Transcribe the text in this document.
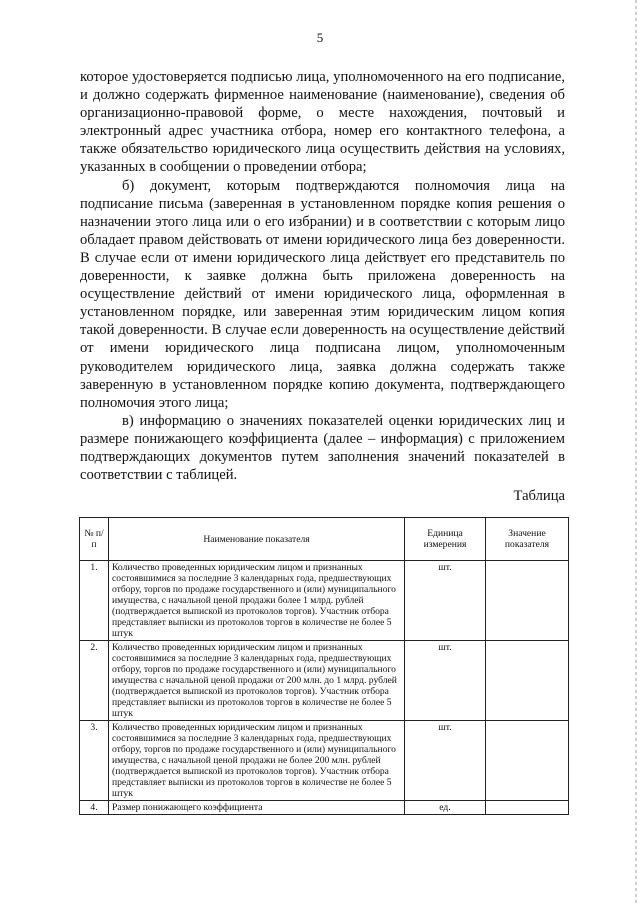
5

которое удостоверяется подписью лица, уполномоченного на его подписание, и должно содержать фирменное наименование (наименование), сведения об организационно-правовой форме, о месте нахождения, почтовый и электронный адрес участника отбора, номер его контактного телефона, а также обязательство юридического лица осуществить действия на условиях, указанных в сообщении о проведении отбора;

б) документ, которым подтверждаются полномочия лица на подписание письма (заверенная в установленном порядке копия решения о назначении этого лица или о его избрании) и в соответствии с которым лицо обладает правом действовать от имени юридического лица без доверенности. В случае если от имени юридического лица действует его представитель по доверенности, к заявке должна быть приложена доверенность на осуществление действий от имени юридического лица, оформленная в установленном порядке, или заверенная этим юридическим лицом копия такой доверенности. В случае если доверенность на осуществление действий от имени юридического лица подписана лицом, уполномоченным руководителем юридического лица, заявка должна содержать также заверенную в установленном порядке копию документа, подтверждающего полномочия этого лица;

в) информацию о значениях показателей оценки юридических лиц и размере понижающего коэффициента (далее – информация) с приложением подтверждающих документов путем заполнения значений показателей в соответствии с таблицей.

Таблица
№ п/п	Наименование показателя	Единица измерения	Значение показателя
1.	Количество проведенных юридическим лицом и признанных состоявшимися за последние 3 календарных года, предшествующих отбору, торгов по продаже государственного и (или) муниципального имущества, с начальной ценой продажи более 1 млрд. рублей (подтверждается выпиской из протоколов торгов). Участник отбора представляет выписки из протоколов торгов в количестве не более 5 штук	шт.	
2.	Количество проведенных юридическим лицом и признанных состоявшимися за последние 3 календарных года, предшествующих отбору, торгов по продаже государственного и (или) муниципального имущества с начальной ценой продажи от 200 млн. до 1 млрд. рублей (подтверждается выпиской из протоколов торгов). Участник отбора представляет выписки из протоколов торгов в количестве не более 5 штук	шт.	
3.	Количество проведенных юридическим лицом и признанных состоявшимися за последние 3 календарных года, предшествующих отбору, торгов по продаже государственного и (или) муниципального имущества, с начальной ценой продажи не более 200 млн. рублей (подтверждается выпиской из протоколов торгов). Участник отбора представляет выписки из протоколов торгов в количестве не более 5 штук	шт.	
4.	Размер понижающего коэффициента	ед.	
